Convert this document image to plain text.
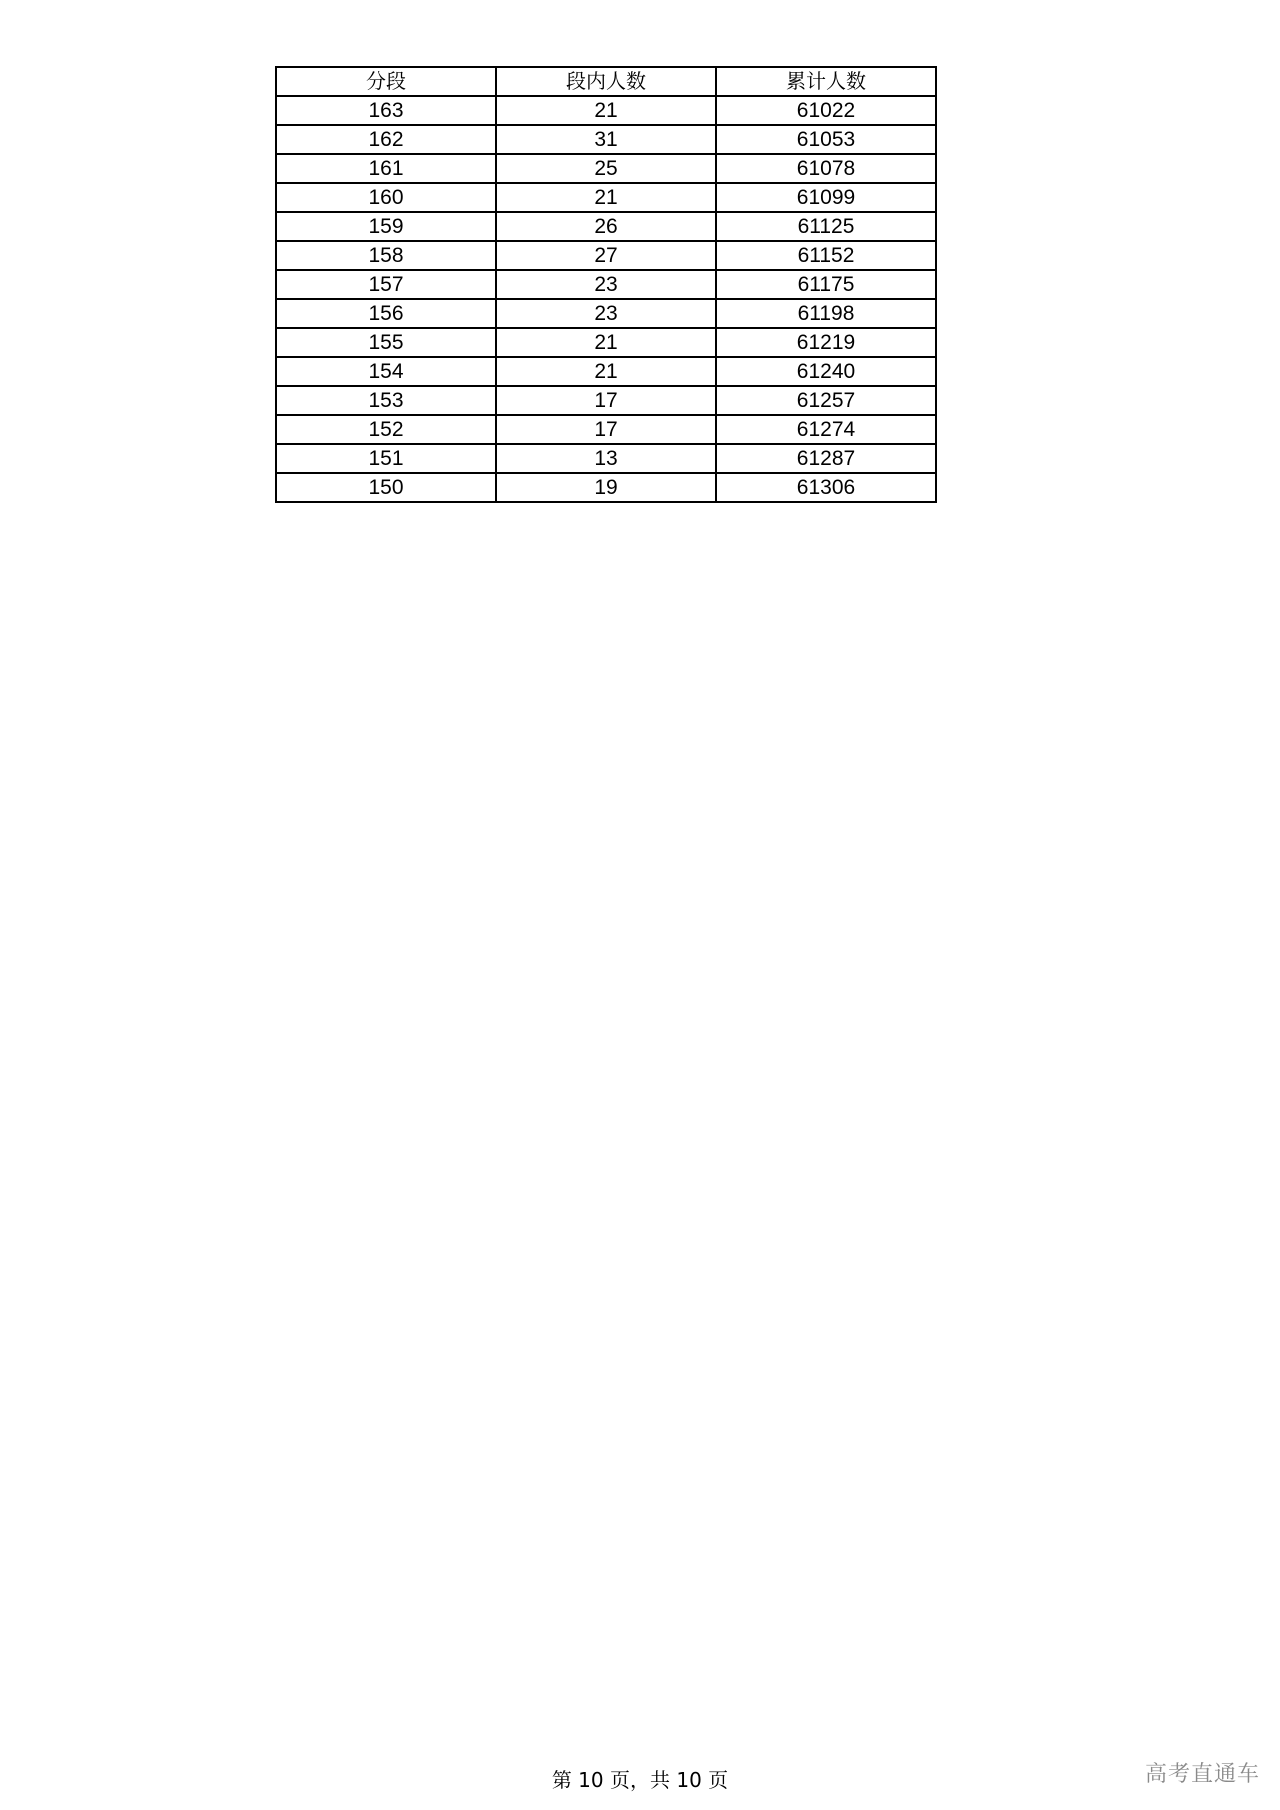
分段	段内人数	累计人数
163	21	61022
162	31	61053
161	25	61078
160	21	61099
159	26	61125
158	27	61152
157	23	61175
156	23	61198
155	21	61219
154	21	61240
153	17	61257
152	17	61274
151	13	61287
150	19	61306
第 10 页，共 10 页	高考直通车
